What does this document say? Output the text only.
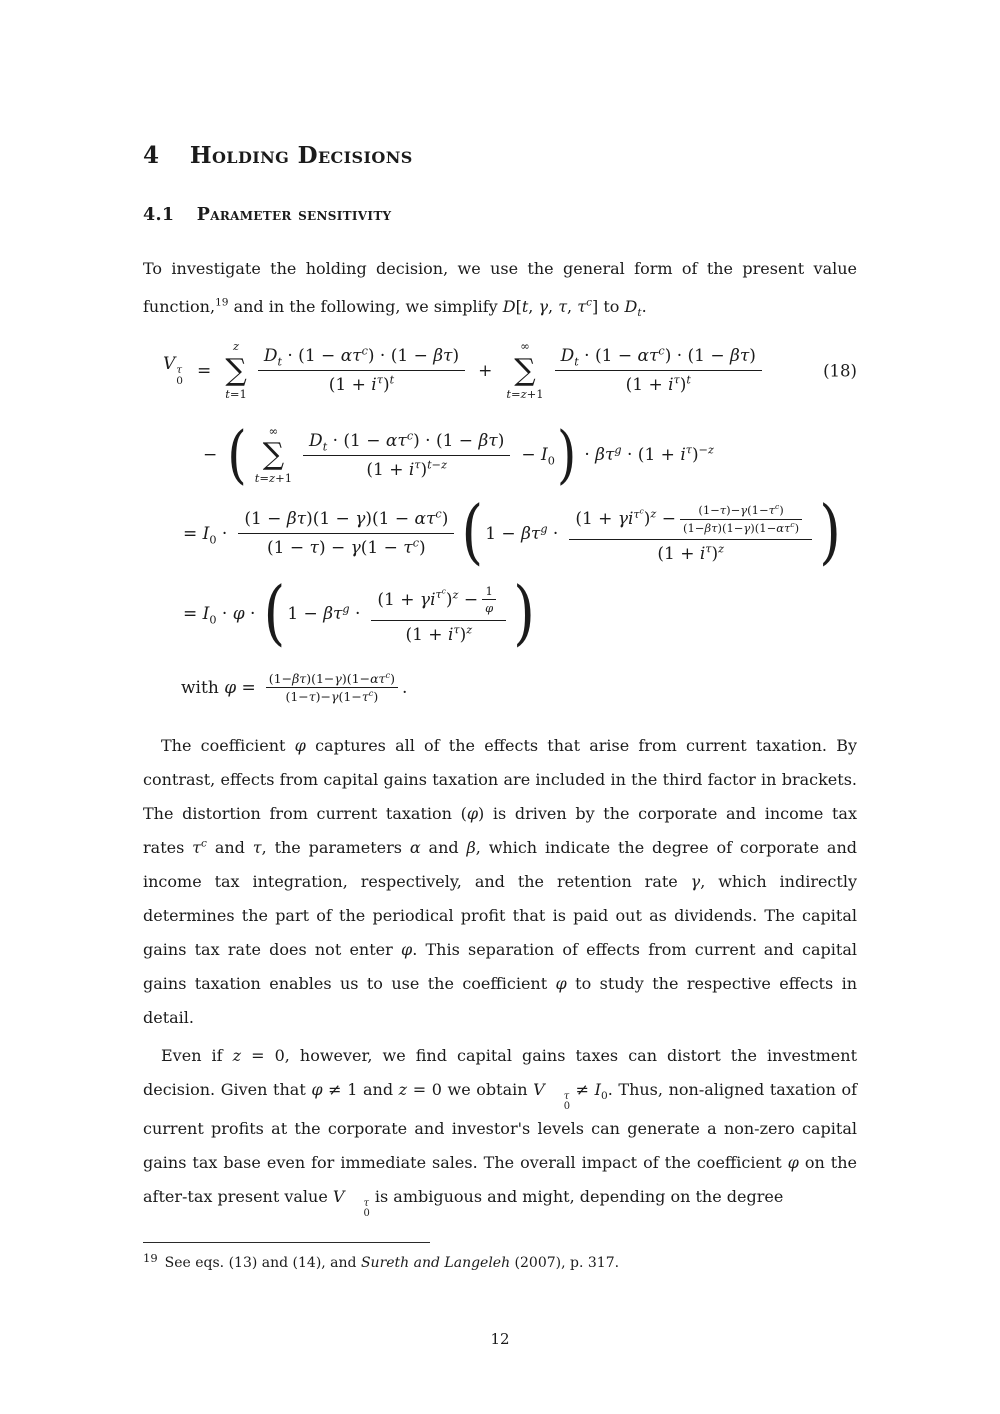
4 Holding Decisions
4.1 Parameter sensitivity

To investigate the holding decision, we use the general form of the present value function,$^{19}$ and in the following, we simplify D[t, γ, τ, $\tau^c$] to $D_t$.

V τ
0
=
z
∑
$t=1 \frac{D_t \cdot (1 - \alpha\tau^c) \cdot (1 - \beta\tau)}{(1 + i^\tau)^t}$ +
∞
∑
$t=z+1 \frac{D_t \cdot (1 - \alpha\tau^c) \cdot (1 - \beta\tau)}{(1 + i^\tau)^t}$	(18)
− ( ∞
∑
$t=z+1 \frac{D_t \cdot (1 - \alpha\tau^c) \cdot (1 - \beta\tau)}{(1 + i^\tau)^{t-z}} - I_0$ ) · $\beta\tau^g \cdot (1 + i^\tau)^{-z}$
= $I_0 \cdot \frac{(1 - \beta\tau)(1 - \gamma)(1 - \alpha\tau^c)}{(1 - \tau) - \gamma(1 - \tau^c)}$ ( $1 - \beta\tau^g$ ·
$(1 + \gamma i^{\tau^c})^z - \frac{(1-\tau)-\gamma(1-\tau^c)}{(1-\beta\tau)(1-\gamma)(1-\alpha\tau^c)}$
$(1 + i^\tau)^z$	)
= $I_0 \cdot \varphi$ · ( $1 - \beta\tau^g \cdot \frac{(1 + \gamma i^{\tau^c})^z - \frac{1}{\varphi}}{(1 + i^\tau)^z}$ )
with $\varphi = \frac{(1-\beta\tau)(1-\gamma)(1-\alpha\tau^c)}{(1-\tau)-\gamma(1-\tau^c)}$ .

The coefficient φ captures all of the effects that arise from current taxation. By contrast, effects from capital gains taxation are included in the third factor in brackets. The distortion from current taxation (φ) is driven by the corporate and income tax rates $\tau^c$ and τ, the parameters α and β, which indicate the degree of corporate and income tax integration, respectively, and the retention rate γ, which indirectly determines the part of the periodical profit that is paid out as dividends. The capital gains tax rate does not enter φ. This separation of effects from current and capital gains taxation enables us to use the coefficient φ to study the respective effects in detail.

Even if z = 0, however, we find capital gains taxes can distort the investment decision. Given that φ ≠ 1 and z = 0 we obtain V	τ
0
≠ $I_0$. Thus, non-aligned taxation of current profits at the corporate and investor's levels can generate a non-zero capital gains tax base even for immediate sales. The overall impact of the coefficient φ on the after-tax present value V	τ
0
is ambiguous and might, depending on the degree

$^{19}$ See eqs. (13) and (14), and Sureth and Langeleh (2007), p. 317.

12
